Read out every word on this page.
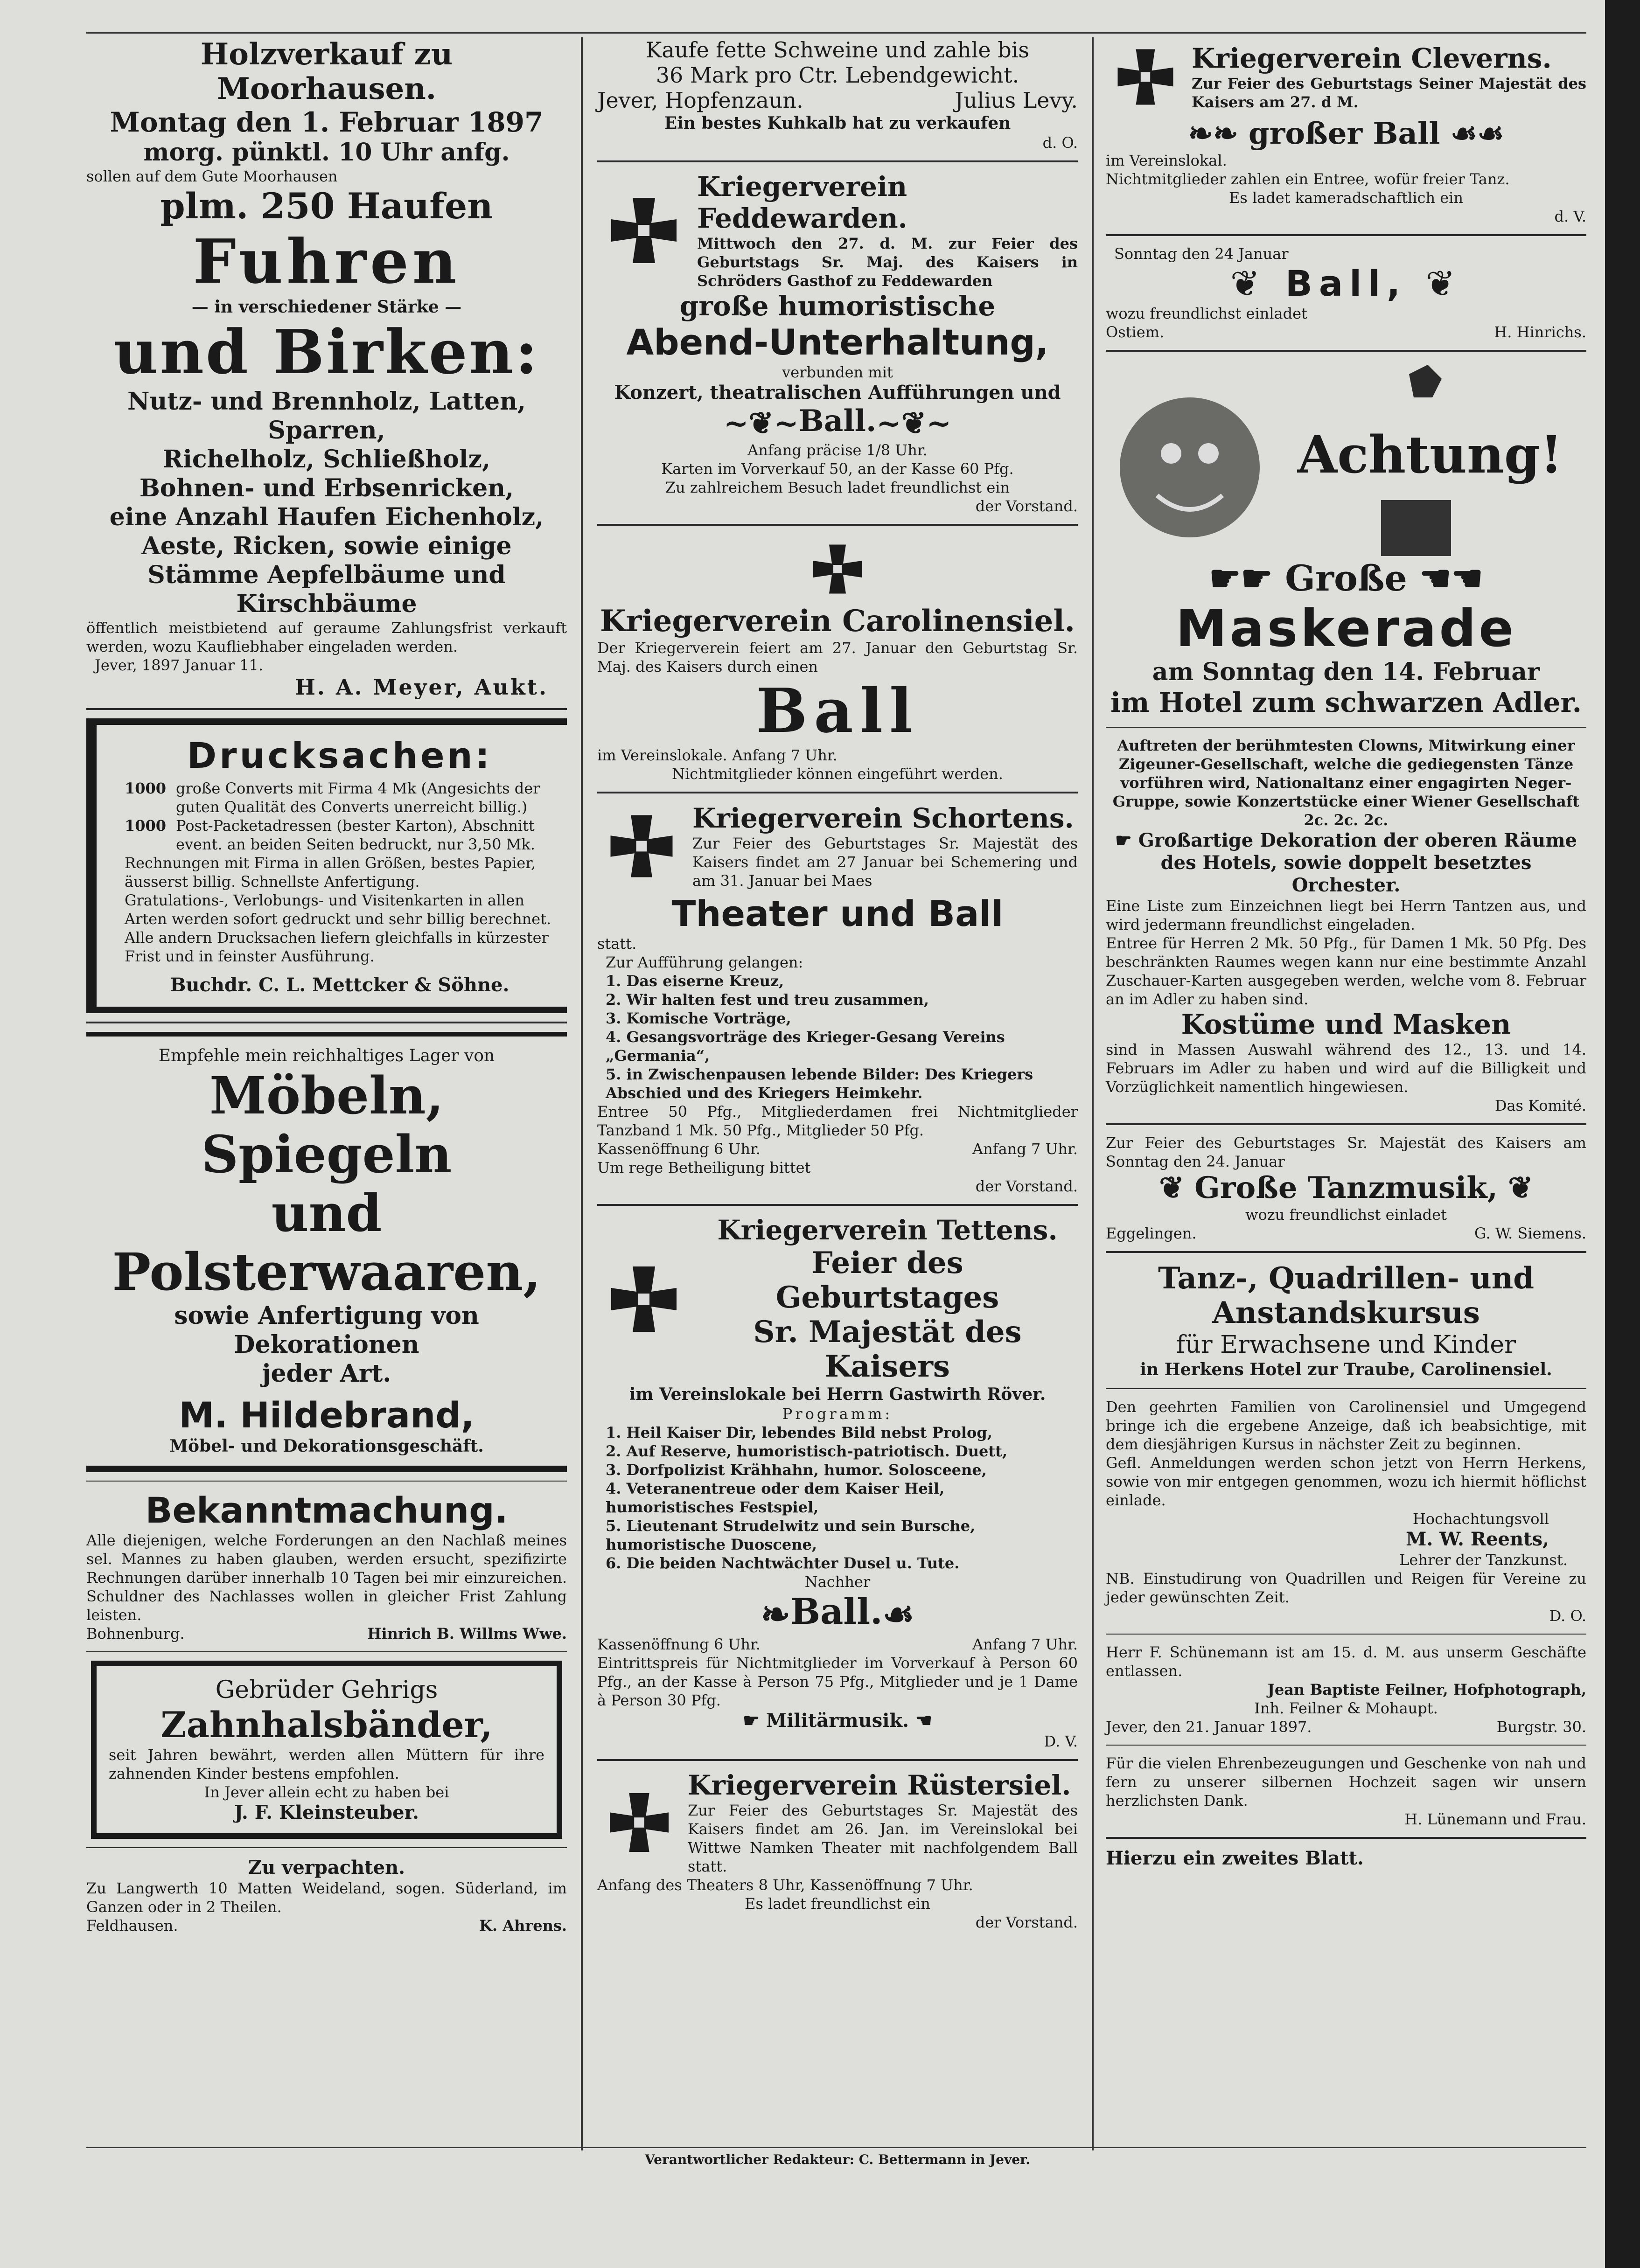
Holzverkauf zu Moorhausen.
Montag den 1. Februar 1897
morg. pünktl. 10 Uhr anfg.
sollen auf dem Gute Moorhausen
plm. 250 Haufen
Fuhren
— in verschiedener Stärke —
und Birken:
Nutz- und Brennholz, Latten, Sparren,
Richelholz, Schließholz,
Bohnen- und Erbsenricken,
eine Anzahl Haufen Eichenholz,
Aeste, Ricken, sowie einige
Stämme Aepfelbäume und
Kirschbäume
öffentlich meistbietend auf geraume Zahlungsfrist verkauft werden, wozu Kaufliebhaber eingeladen werden.
Jever, 1897 Januar 11.
H. A. Meyer, Aukt.
Drucksachen:
1000 große Converts mit Firma 4 Mk (Angesichts der guten Qualität des Converts unerreicht billig.)
1000 Post-Packetadressen (bester Karton), Abschnitt event. an beiden Seiten bedruckt, nur 3,50 Mk.
Rechnungen mit Firma in allen Größen, bestes Papier, äusserst billig. Schnellste Anfertigung.
Gratulations-, Verlobungs- und Visitenkarten in allen Arten werden sofort gedruckt und sehr billig berechnet.
Alle andern Drucksachen liefern gleichfalls in kürzester Frist und in feinster Ausführung.
Buchdr. C. L. Mettcker & Söhne.
Empfehle mein reichhaltiges Lager von
Möbeln, Spiegeln
und Polsterwaaren,
sowie Anfertigung von Dekorationen
jeder Art.
M. Hildebrand,
Möbel- und Dekorationsgeschäft.
Bekanntmachung.
Alle diejenigen, welche Forderungen an den Nachlaß meines sel. Mannes zu haben glauben, werden ersucht, spezifizirte Rechnungen darüber innerhalb 10 Tagen bei mir einzureichen. Schuldner des Nachlasses wollen in gleicher Frist Zahlung leisten.
Bohnenburg.	Hinrich B. Willms Wwe.
Gebrüder Gehrigs
Zahnhalsbänder,
seit Jahren bewährt, werden allen Müttern für ihre zahnenden Kinder bestens empfohlen.
In Jever allein echt zu haben bei
J. F. Kleinsteuber.
Zu verpachten.
Zu Langwerth 10 Matten Weideland, sogen. Süderland, im Ganzen oder in 2 Theilen.
Feldhausen.	K. Ahrens.
Kaufe fette Schweine und zahle bis
36 Mark pro Ctr. Lebendgewicht.
Jever, Hopfenzaun.	Julius Levy.
Ein bestes Kuhkalb hat zu verkaufen
d. O.
Kriegerverein Feddewarden.
Mittwoch den 27. d. M. zur Feier des Geburtstags Sr. Maj. des Kaisers in Schröders Gasthof zu Feddewarden
große humoristische
Abend-Unterhaltung,
verbunden mit
Konzert, theatralischen Aufführungen und
~❦~Ball.~❦~
Anfang präcise 1/8 Uhr.
Karten im Vorverkauf 50, an der Kasse 60 Pfg.
Zu zahlreichem Besuch ladet freundlichst ein
der Vorstand.
Kriegerverein Carolinensiel.
Der Kriegerverein feiert am 27. Januar den Geburtstag Sr. Maj. des Kaisers durch einen
Ball
im Vereinslokale. Anfang 7 Uhr.
Nichtmitglieder können eingeführt werden.
Kriegerverein Schortens.
Zur Feier des Geburtstages Sr. Majestät des Kaisers findet am 27 Januar bei Schemering und am 31. Januar bei Maes
Theater und Ball
statt.
Zur Aufführung gelangen:
1. Das eiserne Kreuz,
2. Wir halten fest und treu zusammen,
3. Komische Vorträge,
4. Gesangsvorträge des Krieger-Gesang Vereins „Germania“,
5. in Zwischenpausen lebende Bilder: Des Kriegers Abschied und des Kriegers Heimkehr.
Entree 50 Pfg., Mitgliederdamen frei Nichtmitglieder Tanzband 1 Mk. 50 Pfg., Mitglieder 50 Pfg.
Kassenöffnung 6 Uhr.	Anfang 7 Uhr.
Um rege Betheiligung bittet
der Vorstand.
Kriegerverein Tettens.
Feier des Geburtstages
Sr. Majestät des Kaisers
im Vereinslokale bei Herrn Gastwirth Röver.
Programm:
1. Heil Kaiser Dir, lebendes Bild nebst Prolog,
2. Auf Reserve, humoristisch-patriotisch. Duett,
3. Dorfpolizist Krähhahn, humor. Solosceene,
4. Veteranentreue oder dem Kaiser Heil, humoristisches Festspiel,
5. Lieutenant Strudelwitz und sein Bursche, humoristische Duoscene,
6. Die beiden Nachtwächter Dusel u. Tute.
Nachher
❧Ball.☙
Kassenöffnung 6 Uhr.	Anfang 7 Uhr.
Eintrittspreis für Nichtmitglieder im Vorverkauf à Person 60 Pfg., an der Kasse à Person 75 Pfg., Mitglieder und je 1 Dame à Person 30 Pfg.
☛ Militärmusik. ☚
D. V.
Kriegerverein Rüstersiel.
Zur Feier des Geburtstages Sr. Majestät des Kaisers findet am 26. Jan. im Vereinslokal bei Wittwe Namken Theater mit nachfolgendem Ball statt.
Anfang des Theaters 8 Uhr, Kassenöffnung 7 Uhr.
Es ladet freundlichst ein
der Vorstand.
Kriegerverein Cleverns.
Zur Feier des Geburtstags Seiner Majestät des Kaisers am 27. d M.
❧❧ großer Ball ☙☙
im Vereinslokal.
Nichtmitglieder zahlen ein Entree, wofür freier Tanz.
Es ladet kameradschaftlich ein
d. V.
Sonntag den 24 Januar
❦ Ball, ❦
wozu freundlichst einladet
Ostiem.	H. Hinrichs.
Achtung!
☛☛ Große ☚☚
Maskerade
am Sonntag den 14. Februar
im Hotel zum schwarzen Adler.
Auftreten der berühmtesten Clowns, Mitwirkung einer Zigeuner-Gesellschaft, welche die gediegensten Tänze vorführen wird, Nationaltanz einer engagirten Neger-Gruppe, sowie Konzertstücke einer Wiener Gesellschaft 2c. 2c. 2c.
☛ Großartige Dekoration der oberen Räume des Hotels, sowie doppelt besetztes Orchester.
Eine Liste zum Einzeichnen liegt bei Herrn Tantzen aus, und wird jedermann freundlichst eingeladen.
Entree für Herren 2 Mk. 50 Pfg., für Damen 1 Mk. 50 Pfg. Des beschränkten Raumes wegen kann nur eine bestimmte Anzahl Zuschauer-Karten ausgegeben werden, welche vom 8. Februar an im Adler zu haben sind.
Kostüme und Masken
sind in Massen Auswahl während des 12., 13. und 14. Februars im Adler zu haben und wird auf die Billigkeit und Vorzüglichkeit namentlich hingewiesen.
Das Komité.
Zur Feier des Geburtstages Sr. Majestät des Kaisers am Sonntag den 24. Januar
❦ Große Tanzmusik, ❦
wozu freundlichst einladet
Eggelingen.	G. W. Siemens.
Tanz-, Quadrillen- und
Anstandskursus
für Erwachsene und Kinder
in Herkens Hotel zur Traube, Carolinensiel.
Den geehrten Familien von Carolinensiel und Umgegend bringe ich die ergebene Anzeige, daß ich beabsichtige, mit dem diesjährigen Kursus in nächster Zeit zu beginnen.
Gefl. Anmeldungen werden schon jetzt von Herrn Herkens, sowie von mir entgegen genommen, wozu ich hiermit höflichst einlade.
Hochachtungsvoll
M. W. Reents,
Lehrer der Tanzkunst.
NB. Einstudirung von Quadrillen und Reigen für Vereine zu jeder gewünschten Zeit.
D. O.
Herr F. Schünemann ist am 15. d. M. aus unserm Geschäfte entlassen.
Jean Baptiste Feilner, Hofphotograph,
Inh. Feilner & Mohaupt.
Jever, den 21. Januar 1897.	Burgstr. 30.
Für die vielen Ehrenbezeugungen und Geschenke von nah und fern zu unserer silbernen Hochzeit sagen wir unsern herzlichsten Dank.
H. Lünemann und Frau.
Hierzu ein zweites Blatt.
Verantwortlicher Redakteur: C. Bettermann in Jever.
